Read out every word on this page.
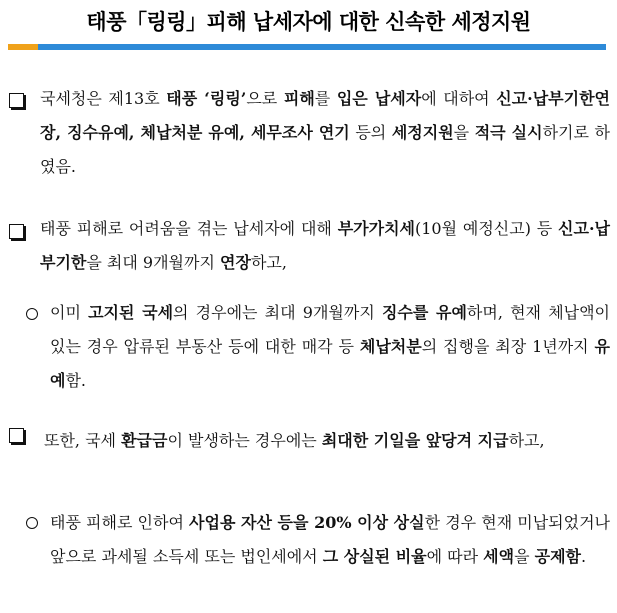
태풍「링링」피해 납세자에 대한 신속한 세정지원

국세청은 제13호 태풍 ‘링링’으로 피해를 입은 납세자에 대하여 신고·납부기한연장, 징수유예, 체납처분 유예, 세무조사 연기 등의 세정지원을 적극 실시하기로 하였음.

태풍 피해로 어려움을 겪는 납세자에 대해 부가가치세(10월 예정신고) 등 신고·납부기한을 최대 9개월까지 연장하고,

이미 고지된 국세의 경우에는 최대 9개월까지 징수를 유예하며, 현재 체납액이 있는 경우 압류된 부동산 등에 대한 매각 등 체납처분의 집행을 최장 1년까지 유예함.

또한, 국세 환급금이 발생하는 경우에는 최대한 기일을 앞당겨 지급하고,

태풍 피해로 인하여 사업용 자산 등을 20% 이상 상실한 경우 현재 미납되었거나 앞으로 과세될 소득세 또는 법인세에서 그 상실된 비율에 따라 세액을 공제함.
